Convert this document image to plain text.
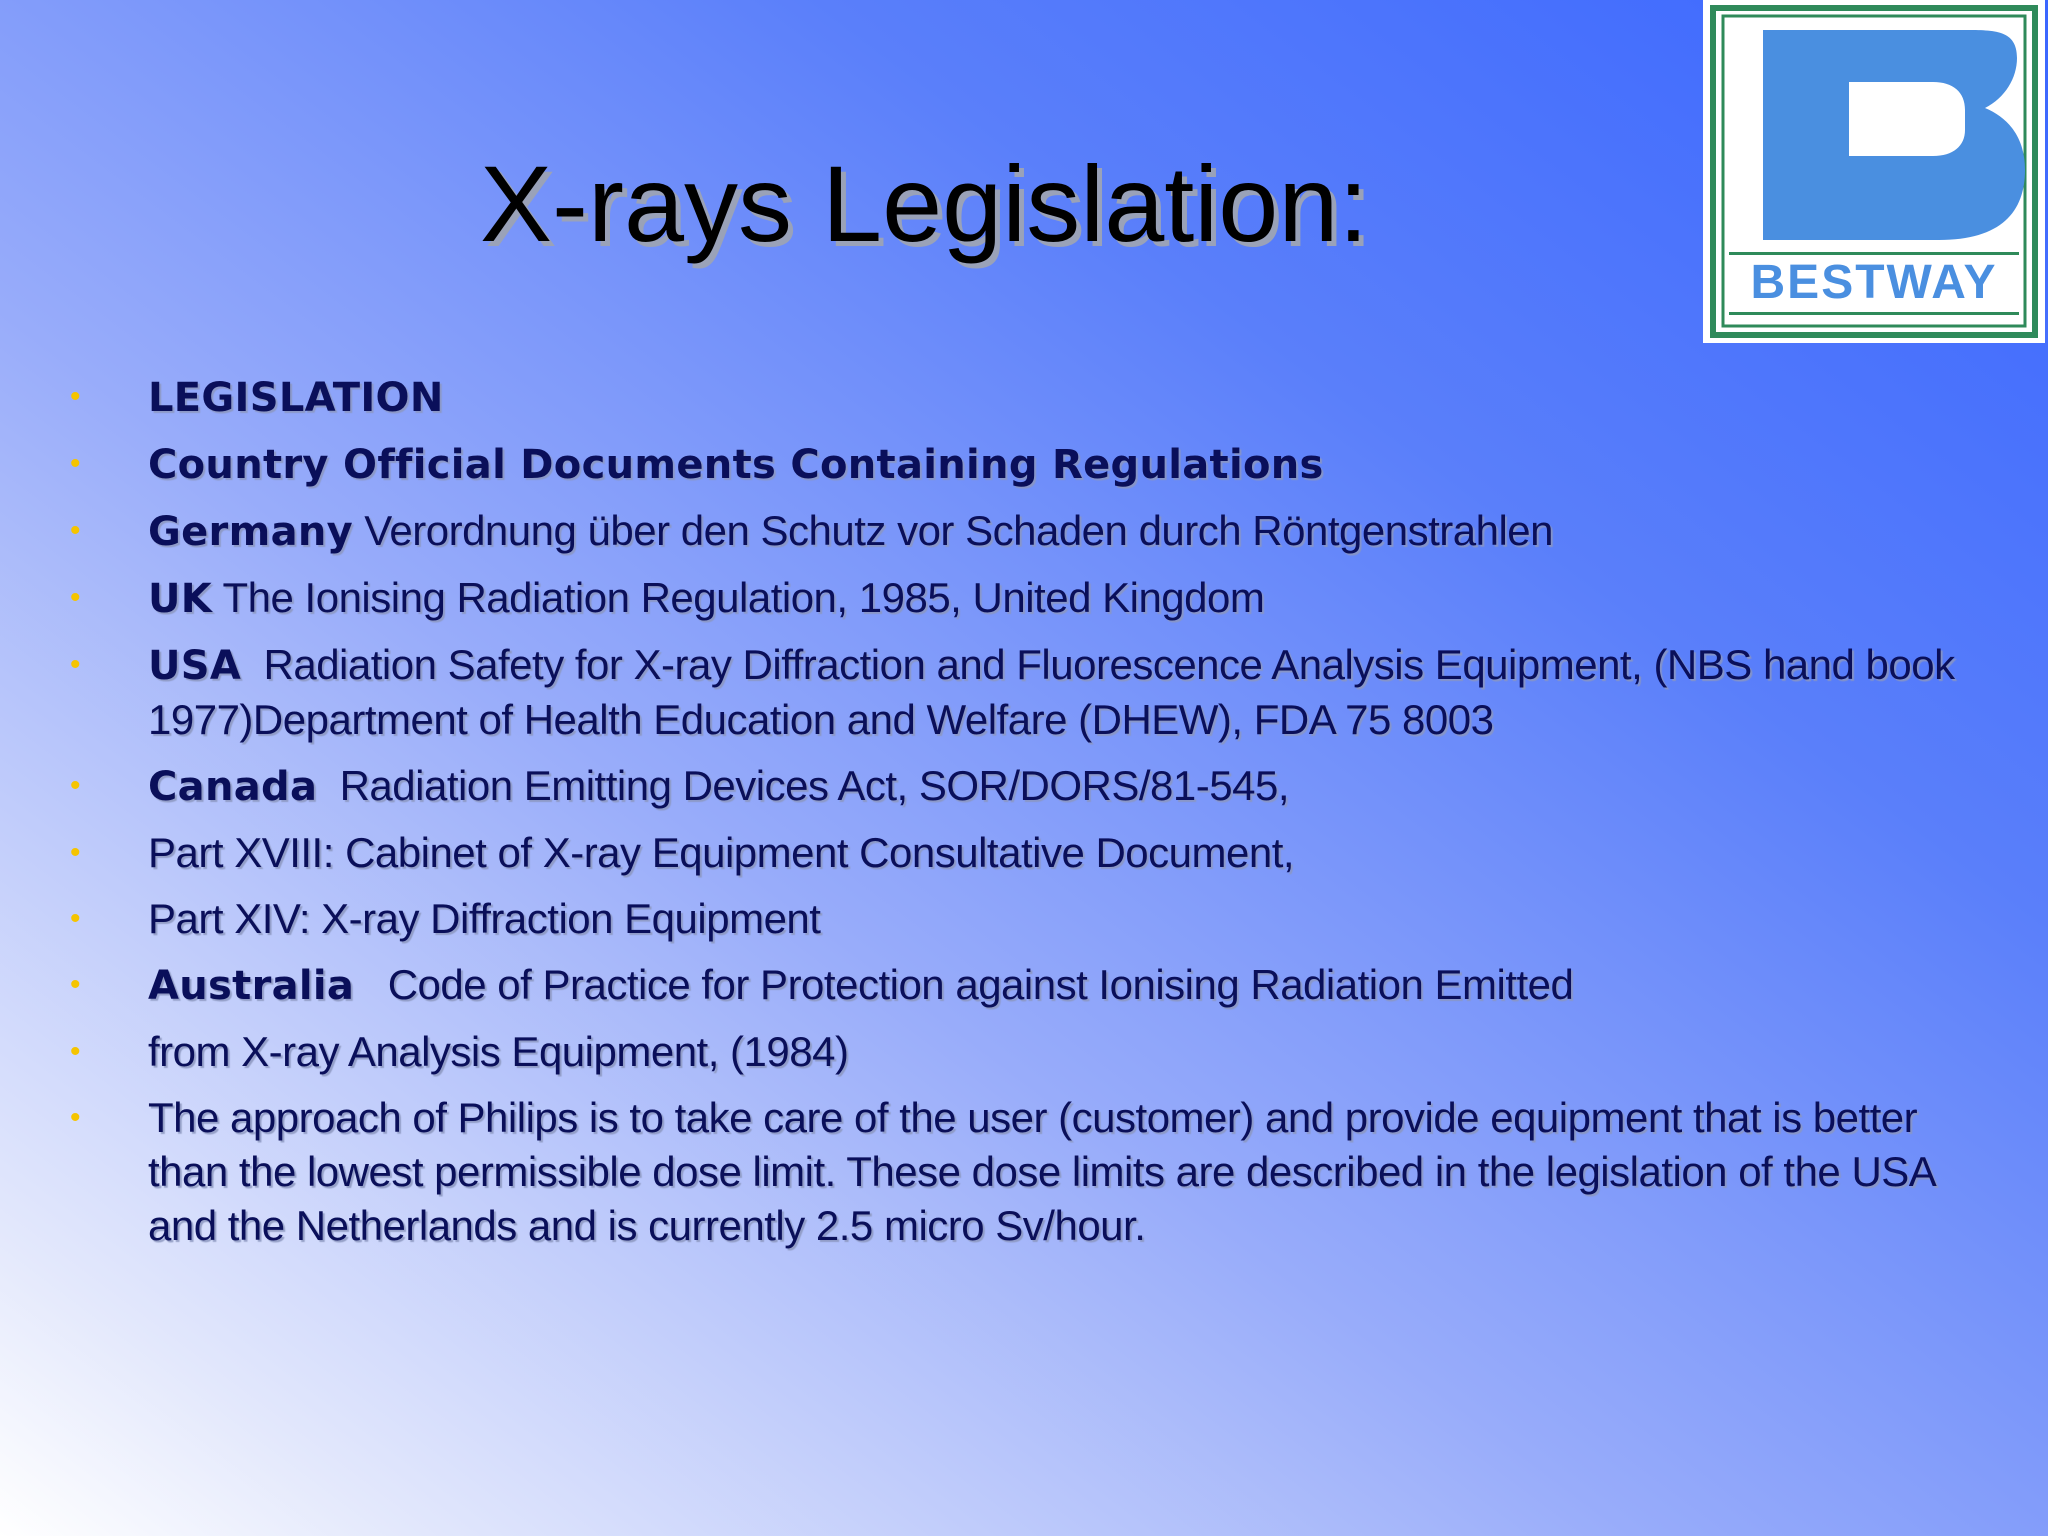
X-rays Legislation:
BESTWAY
• LEGISLATION
• Country Official Documents Containing Regulations
• Germany Verordnung über den Schutz vor Schaden durch Röntgenstrahlen
• UK The Ionising Radiation Regulation, 1985, United Kingdom
• USA Radiation Safety for X-ray Diffraction and Fluorescence Analysis Equipment, (NBS hand book 1977)Department of Health Education and Welfare (DHEW), FDA 75 8003
• Canada Radiation Emitting Devices Act, SOR/DORS/81-545,
• Part XVIII: Cabinet of X-ray Equipment Consultative Document,
• Part XIV: X-ray Diffraction Equipment
• Australia Code of Practice for Protection against Ionising Radiation Emitted
• from X-ray Analysis Equipment, (1984)
• The approach of Philips is to take care of the user (customer) and provide equipment that is better than the lowest permissible dose limit. These dose limits are described in the legislation of the USA and the Netherlands and is currently 2.5 micro Sv/hour.
